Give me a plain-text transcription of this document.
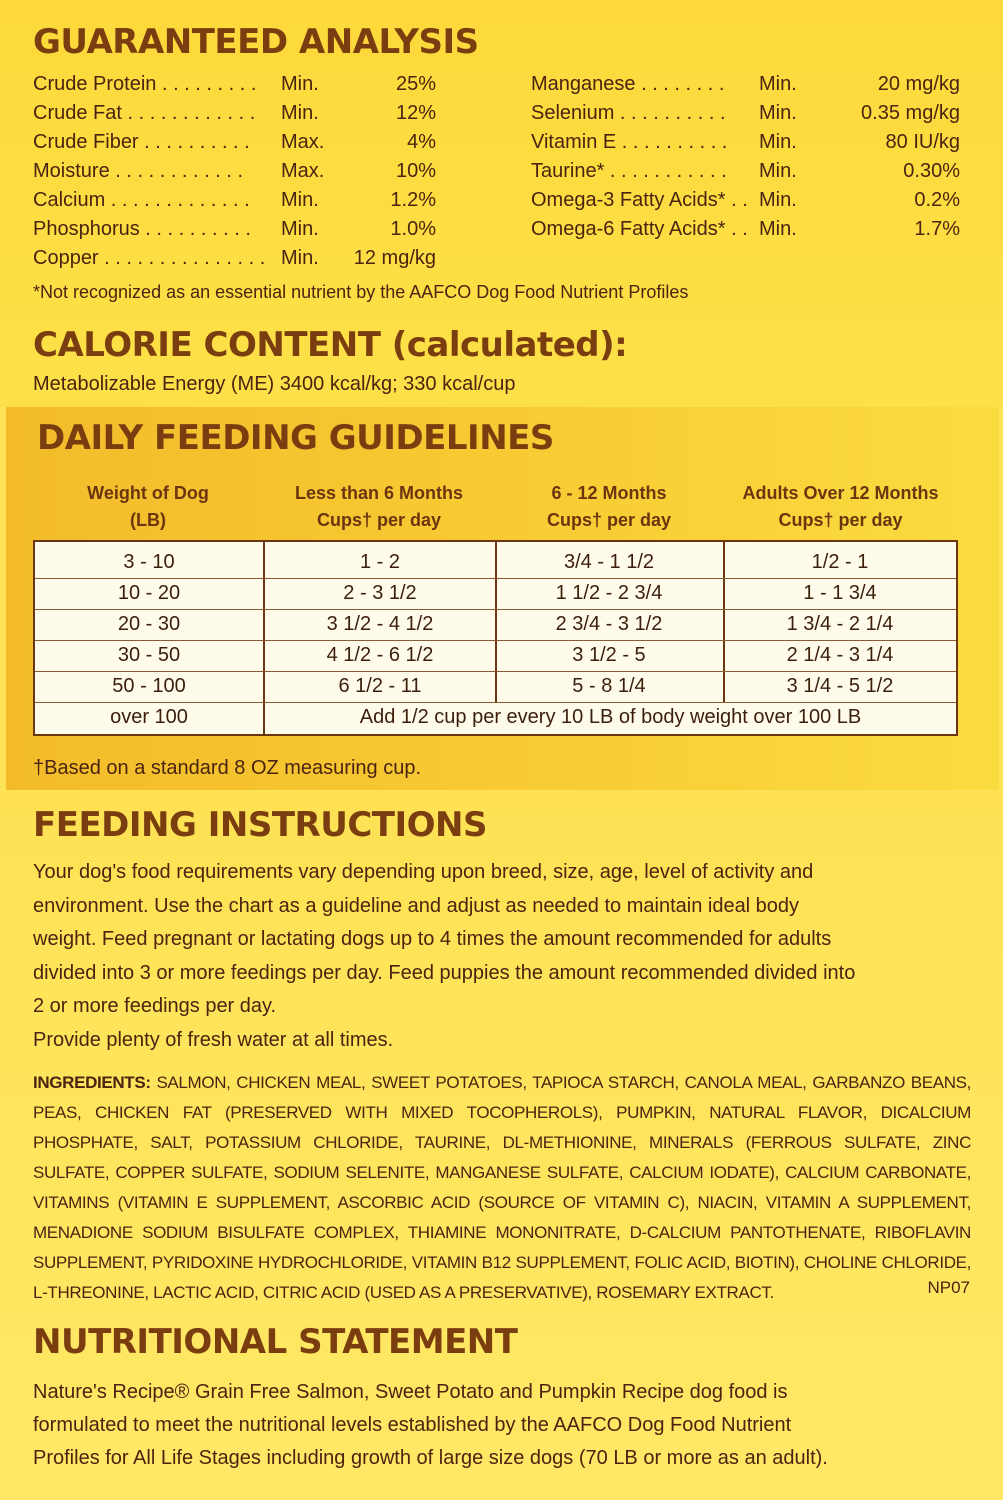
GUARANTEED ANALYSIS
Crude Protein . . . . . . . . . Min.	25%
Crude Fat . . . . . . . . . . . . Min.	12%
Crude Fiber . . . . . . . . . . Max.	4%
Moisture . . . . . . . . . . . . Max.	10%
Calcium . . . . . . . . . . . . . Min.	1.2%
Phosphorus . . . . . . . . . . Min.	1.0%
Copper . . . . . . . . . . . . . . . Min. 12 mg/kg
Manganese . . . . . . . . Min.	20 mg/kg
Selenium . . . . . . . . . . Min.	0.35 mg/kg
Vitamin E . . . . . . . . . . Min.	80 IU/kg
Taurine* . . . . . . . . . . . Min.	0.30%
Omega-3 Fatty Acids* . . Min.	0.2%
Omega-6 Fatty Acids* . . Min.	1.7%
*Not recognized as an essential nutrient by the AAFCO Dog Food Nutrient Profiles
CALORIE CONTENT (calculated):
Metabolizable Energy (ME) 3400 kcal/kg; 330 kcal/cup
DAILY FEEDING GUIDELINES
Weight of Dog
(LB)
Less than 6 Months
Cups† per day
6 - 12 Months
Cups† per day
Adults Over 12 Months
Cups† per day
3 - 10	1 - 2	3/4 - 1 1/2	1/2 - 1
10 - 20	2 - 3 1/2	1 1/2 - 2 3/4	1 - 1 3/4
20 - 30	3 1/2 - 4 1/2	2 3/4 - 3 1/2	1 3/4 - 2 1/4
30 - 50	4 1/2 - 6 1/2	3 1/2 - 5	2 1/4 - 3 1/4
50 - 100	6 1/2 - 11	5 - 8 1/4	3 1/4 - 5 1/2
over 100	Add 1/2 cup per every 10 LB of body weight over 100 LB
†Based on a standard 8 OZ measuring cup.
FEEDING INSTRUCTIONS

Your dog's food requirements vary depending upon breed, size, age, level of activity and

environment. Use the chart as a guideline and adjust as needed to maintain ideal body

weight. Feed pregnant or lactating dogs up to 4 times the amount recommended for adults

divided into 3 or more feedings per day. Feed puppies the amount recommended divided into

2 or more feedings per day.

Provide plenty of fresh water at all times.

INGREDIENTS: SALMON, CHICKEN MEAL, SWEET POTATOES, TAPIOCA STARCH, CANOLA MEAL, GARBANZO BEANS, PEAS, CHICKEN FAT (PRESERVED WITH MIXED TOCOPHEROLS), PUMPKIN, NATURAL FLAVOR, DICALCIUM PHOSPHATE, SALT, POTASSIUM CHLORIDE, TAURINE, DL-METHIONINE, MINERALS (FERROUS SULFATE, ZINC SULFATE, COPPER SULFATE, SODIUM SELENITE, MANGANESE SULFATE, CALCIUM IODATE), CALCIUM CARBONATE, VITAMINS (VITAMIN E SUPPLEMENT, ASCORBIC ACID (SOURCE OF VITAMIN C), NIACIN, VITAMIN A SUPPLEMENT, MENADIONE SODIUM BISULFATE COMPLEX, THIAMINE MONONITRATE, D-CALCIUM PANTOTHENATE, RIBOFLAVIN SUPPLEMENT, PYRIDOXINE HYDROCHLORIDE, VITAMIN B12 SUPPLEMENT, FOLIC ACID, BIOTIN), CHOLINE CHLORIDE, L-THREONINE, LACTIC ACID, CITRIC ACID (USED AS A PRESERVATIVE), ROSEMARY EXTRACT.	NP07
NUTRITIONAL STATEMENT

Nature's Recipe® Grain Free Salmon, Sweet Potato and Pumpkin Recipe dog food is

formulated to meet the nutritional levels established by the AAFCO Dog Food Nutrient

Profiles for All Life Stages including growth of large size dogs (70 LB or more as an adult).
